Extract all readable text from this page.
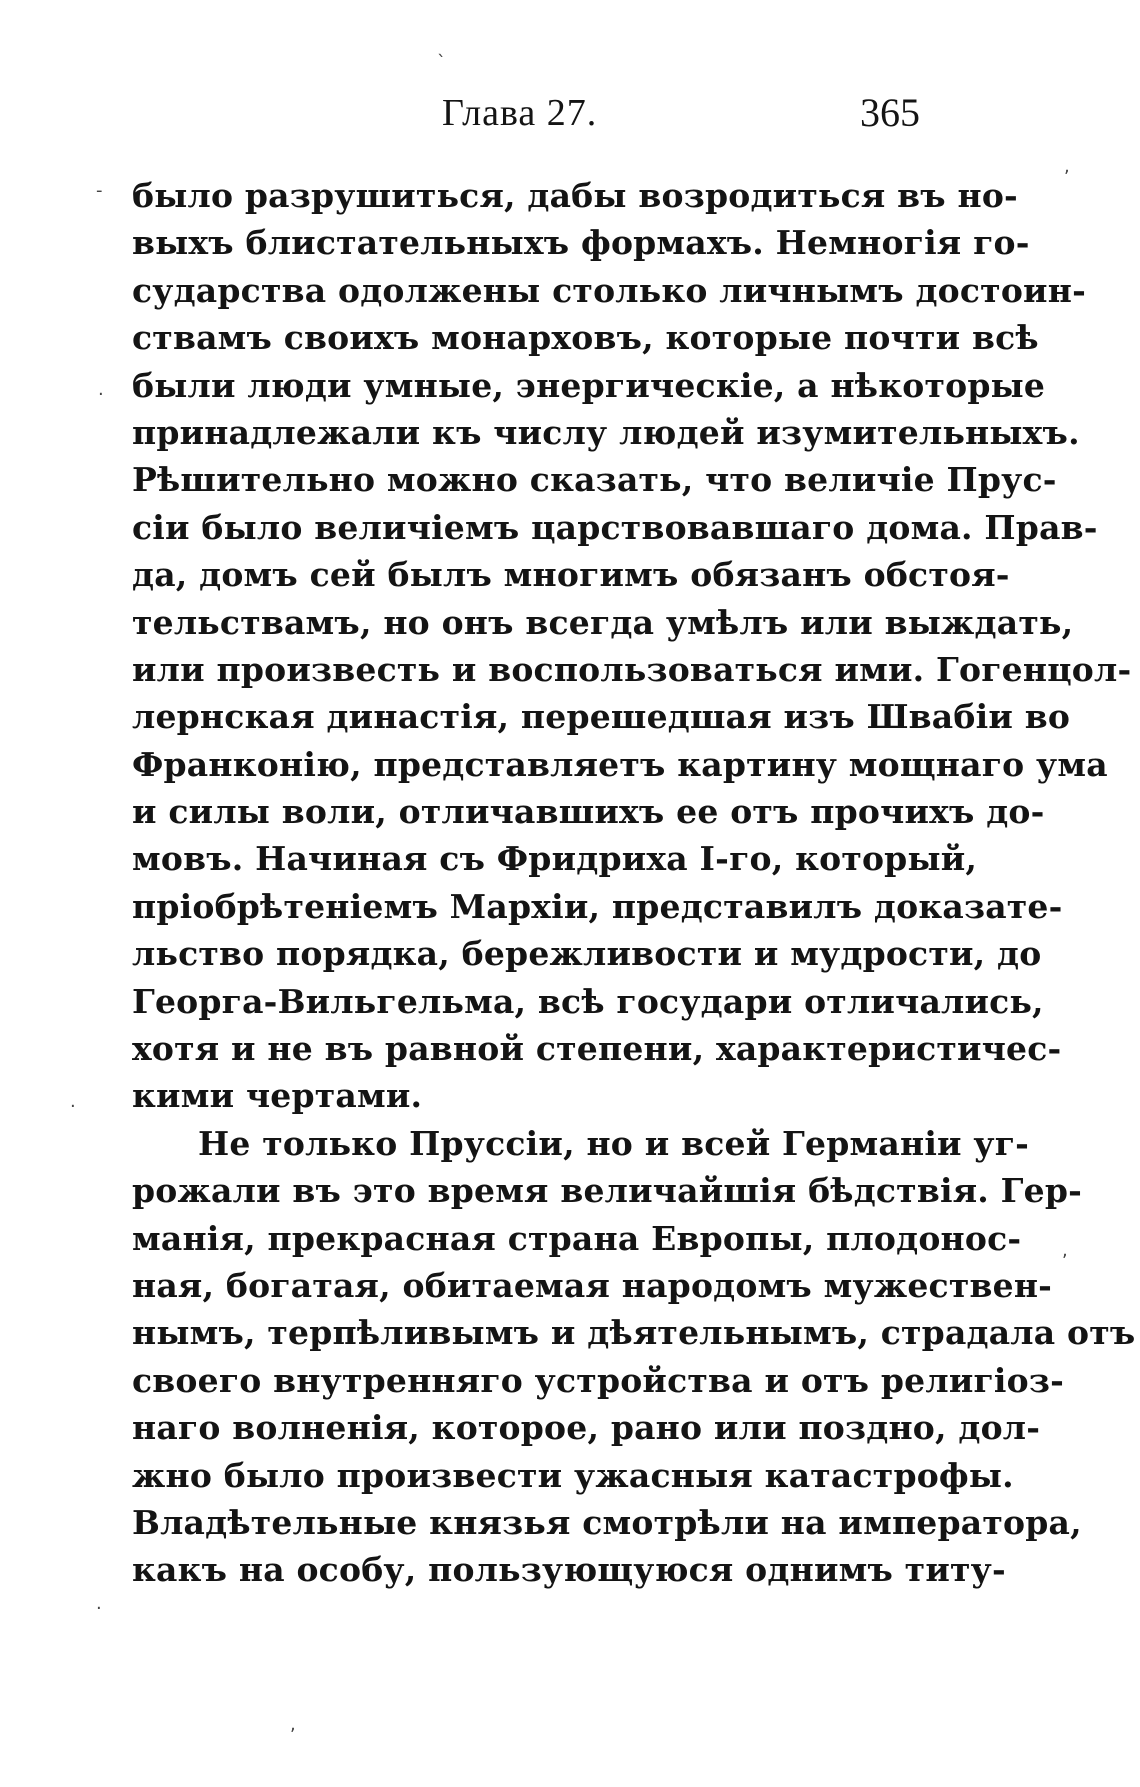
Глава 27.	365
было разрушиться, дабы возродиться въ но-
выхъ блистательныхъ формахъ. Немногія го-
сударства одолжены столько личнымъ достоин-
ствамъ своихъ монарховъ, которые почти всѣ
были люди умные, энергическіе, а нѣкоторые
принадлежали къ числу людей изумительныхъ.
Рѣшительно можно сказать, что величіе Прус-
сіи было величіемъ царствовавшаго дома. Прав-
да, домъ сей былъ многимъ обязанъ обстоя-
тельствамъ, но онъ всегда умѣлъ или выждать,
или произвесть и воспользоваться ими. Гогенцол-
лернская династія, перешедшая изъ Швабіи во
Франконію, представляетъ картину мощнаго ума
и силы воли, отличавшихъ ее отъ прочихъ до-
мовъ. Начиная съ Фридриха I-го, который,
пріобрѣтеніемъ Мархіи, представилъ доказате-
льство порядка, бережливости и мудрости, до
Георга-Вильгельма, всѣ государи отличались,
хотя и не въ равной степени, характеристичес-
кими чертами.
Не только Пруссіи, но и всей Германіи уг-
рожали въ это время величайшія бѣдствія. Гер-
манія, прекрасная страна Европы, плодонос-
ная, богатая, обитаемая народомъ мужествен-
нымъ, терпѣливымъ и дѣятельнымъ, страдала отъ
своего внутренняго устройства и отъ религіоз-
наго волненія, которое, рано или поздно, дол-
жно было произвести ужасныя катастрофы.
Владѣтельные князья смотрѣли на императора,
какъ на особу, пользующуюся однимъ титу-
`
-
,
·
,
·
·
,
